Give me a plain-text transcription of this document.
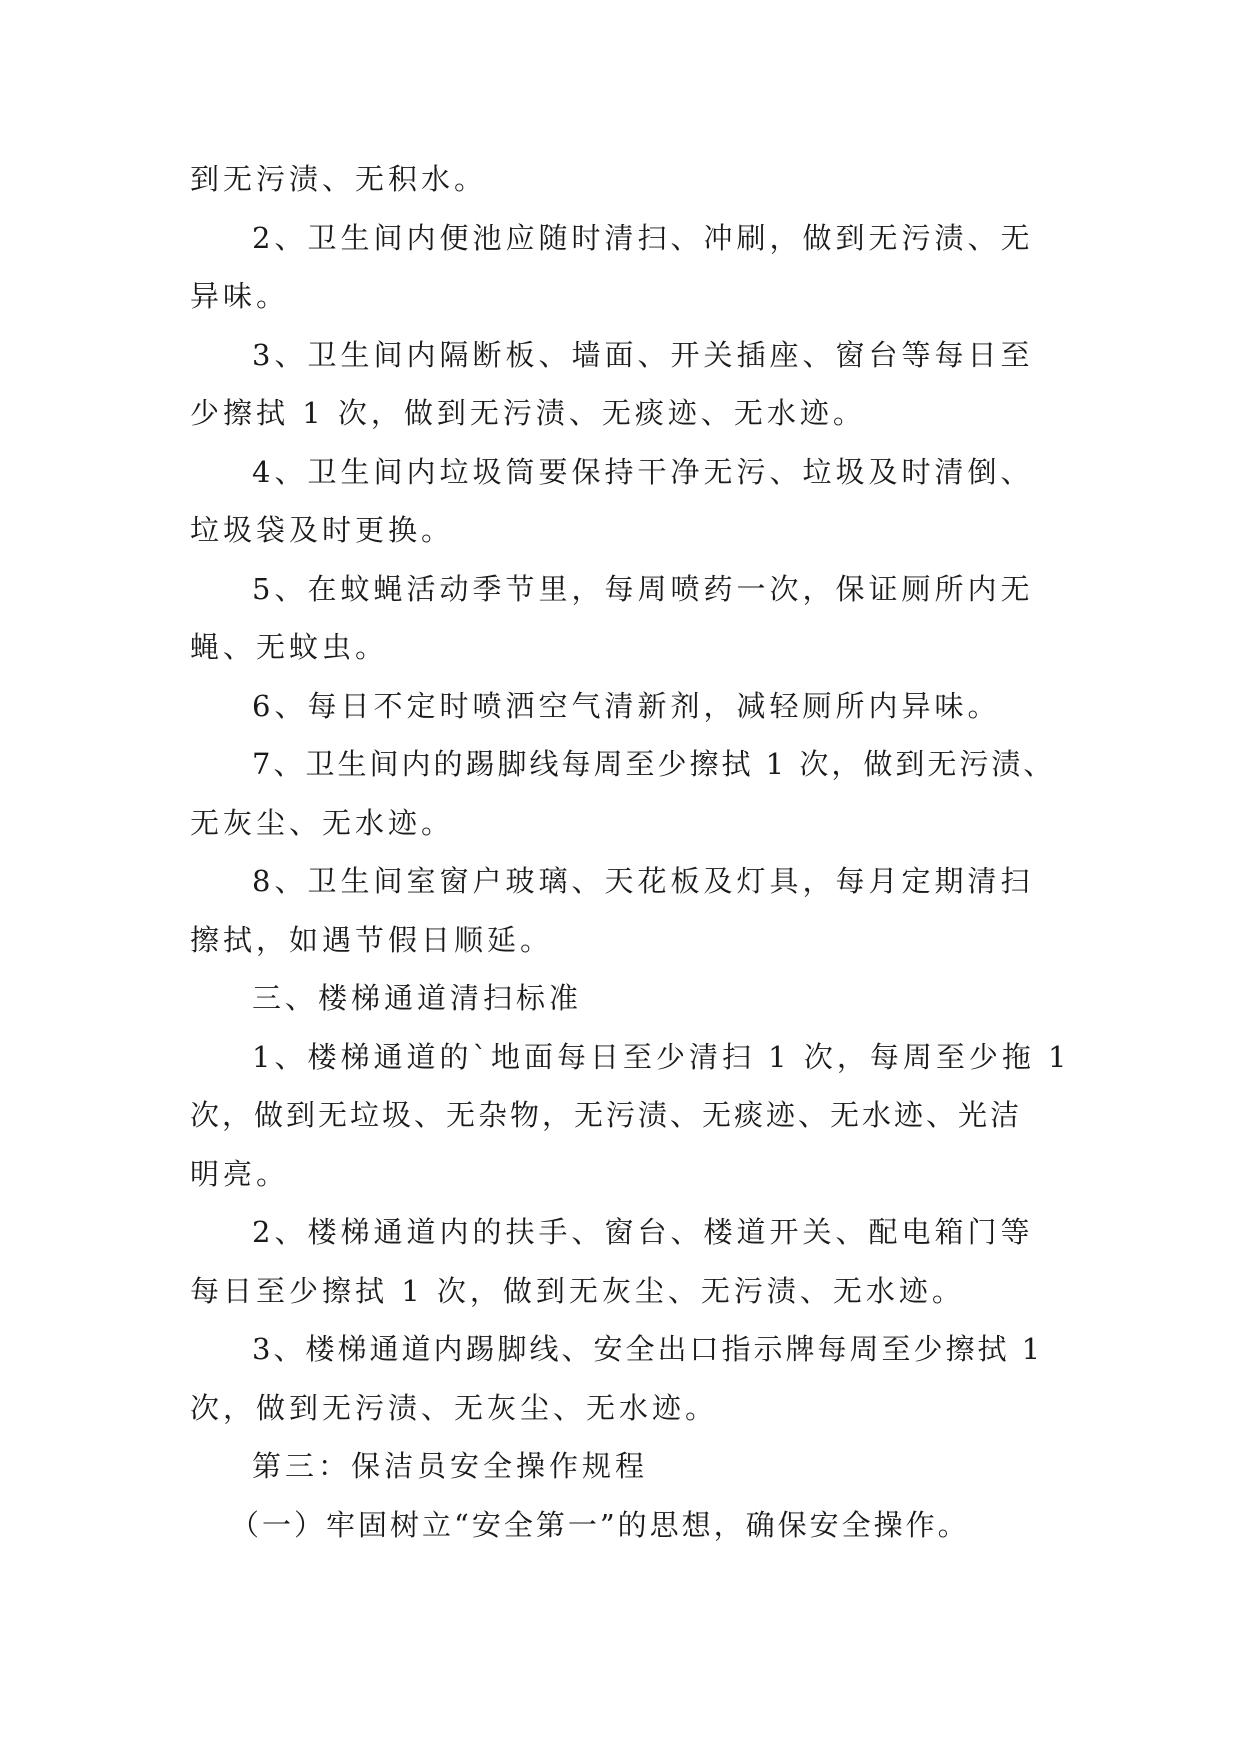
到无污渍、无积水。
2、卫生间内便池应随时清扫、冲刷，做到无污渍、无
异味。
3、卫生间内隔断板、墙面、开关插座、窗台等每日至
少擦拭 1 次，做到无污渍、无痰迹、无水迹。
4、卫生间内垃圾筒要保持干净无污、垃圾及时清倒、
垃圾袋及时更换。
5、在蚊蝇活动季节里，每周喷药一次，保证厕所内无
蝇、无蚊虫。
6、每日不定时喷洒空气清新剂，减轻厕所内异味。
7、卫生间内的踢脚线每周至少擦拭 1 次，做到无污渍、
无灰尘、无水迹。
8、卫生间室窗户玻璃、天花板及灯具，每月定期清扫
擦拭，如遇节假日顺延。
三、楼梯通道清扫标准
1、楼梯通道的`地面每日至少清扫 1 次，每周至少拖 1
次，做到无垃圾、无杂物，无污渍、无痰迹、无水迹、光洁
明亮。
2、楼梯通道内的扶手、窗台、楼道开关、配电箱门等
每日至少擦拭 1 次，做到无灰尘、无污渍、无水迹。
3、楼梯通道内踢脚线、安全出口指示牌每周至少擦拭 1
次，做到无污渍、无灰尘、无水迹。
第三：保洁员安全操作规程
（一）牢固树立“安全第一”的思想，确保安全操作。
